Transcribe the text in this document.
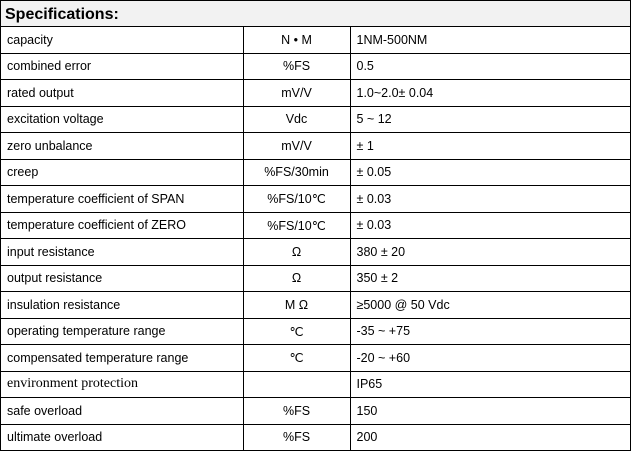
Specifications:
capacity	N • M	1NM-500NM
combined error	%FS	0.5
rated output	mV/V	1.0~2.0± 0.04
excitation voltage	Vdc	5 ~ 12
zero unbalance	mV/V	± 1
creep	%FS/30min	± 0.05
temperature coefficient of SPAN	%FS/10℃	± 0.03
temperature coefficient of ZERO	%FS/10℃	± 0.03
input resistance	Ω	380 ± 20
output resistance	Ω	350 ± 2
insulation resistance	M Ω	≥5000 @ 50 Vdc
operating temperature range	℃	-35 ~ +75
compensated temperature range	℃	-20 ~ +60
environment protection		IP65
safe overload	%FS	150
ultimate overload	%FS	200
